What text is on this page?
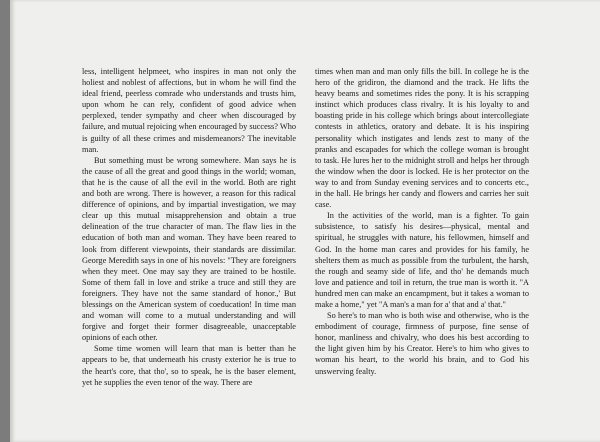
less, intelligent helpmeet, who inspires in man not only the holiest and noblest of affections, but in whom he will find the ideal friend, peerless comrade who understands and trusts him, upon whom he can rely, confident of good advice when perplexed, tender sympathy and cheer when discouraged by failure, and mutual rejoicing when encouraged by success? Who is guilty of all these crimes and misdemeanors? The inevitable man.

But something must be wrong somewhere. Man says he is the cause of all the great and good things in the world; woman, that he is the cause of all the evil in the world. Both are right and both are wrong. There is however, a reason for this radical difference of opinions, and by impartial investigation, we may clear up this mutual misapprehension and obtain a true delineation of the true character of man. The flaw lies in the education of both man and woman. They have been reared to look from different viewpoints, their standards are dissimilar. George Meredith says in one of his novels: "They are foreigners when they meet. One may say they are trained to be hostile. Some of them fall in love and strike a truce and still they are foreigners. They have not the same standard of honor.,' But blessings on the American system of coeducation! In time man and woman will come to a mutual understanding and will forgive and forget their former disagreeable, unacceptable opinions of each other.

Some time women will learn that man is better than he appears to be, that underneath his crusty exterior he is true to the heart's core, that tho', so to speak, he is the baser element, yet he supplies the even tenor of the way. There are

times when man and man only fills the bill. In college he is the hero of the gridiron, the diamond and the track. He lifts the heavy beams and sometimes rides the pony. It is his scrapping instinct which produces class rivalry. It is his loyalty to and boasting pride in his college which brings about intercollegiate contests in athletics, oratory and debate. It is his inspiring personality which instigates and lends zest to many of the pranks and escapades for which the college woman is brought to task. He lures her to the midnight stroll and helps her through the window when the door is locked. He is her protector on the way to and from Sunday evening services and to concerts etc., in the hall. He brings her candy and flowers and carries her suit case.

In the activities of the world, man is a fighter. To gain subsistence, to satisfy his desires—physical, mental and spiritual, he struggles with nature, his fellowmen, himself and God. In the home man cares and provides for his family, he shelters them as much as possible from the turbulent, the harsh, the rough and seamy side of life, and tho' he demands much love and patience and toil in return, the true man is worth it. "A hundred men can make an encampment, but it takes a woman to make a home," yet "A man's a man for a' that and a' that."

So here's to man who is both wise and otherwise, who is the embodiment of courage, firmness of purpose, fine sense of honor, manliness and chivalry, who does his best according to the light given him by his Creator. Here's to him who gives to woman his heart, to the world his brain, and to God his unswerving fealty.
